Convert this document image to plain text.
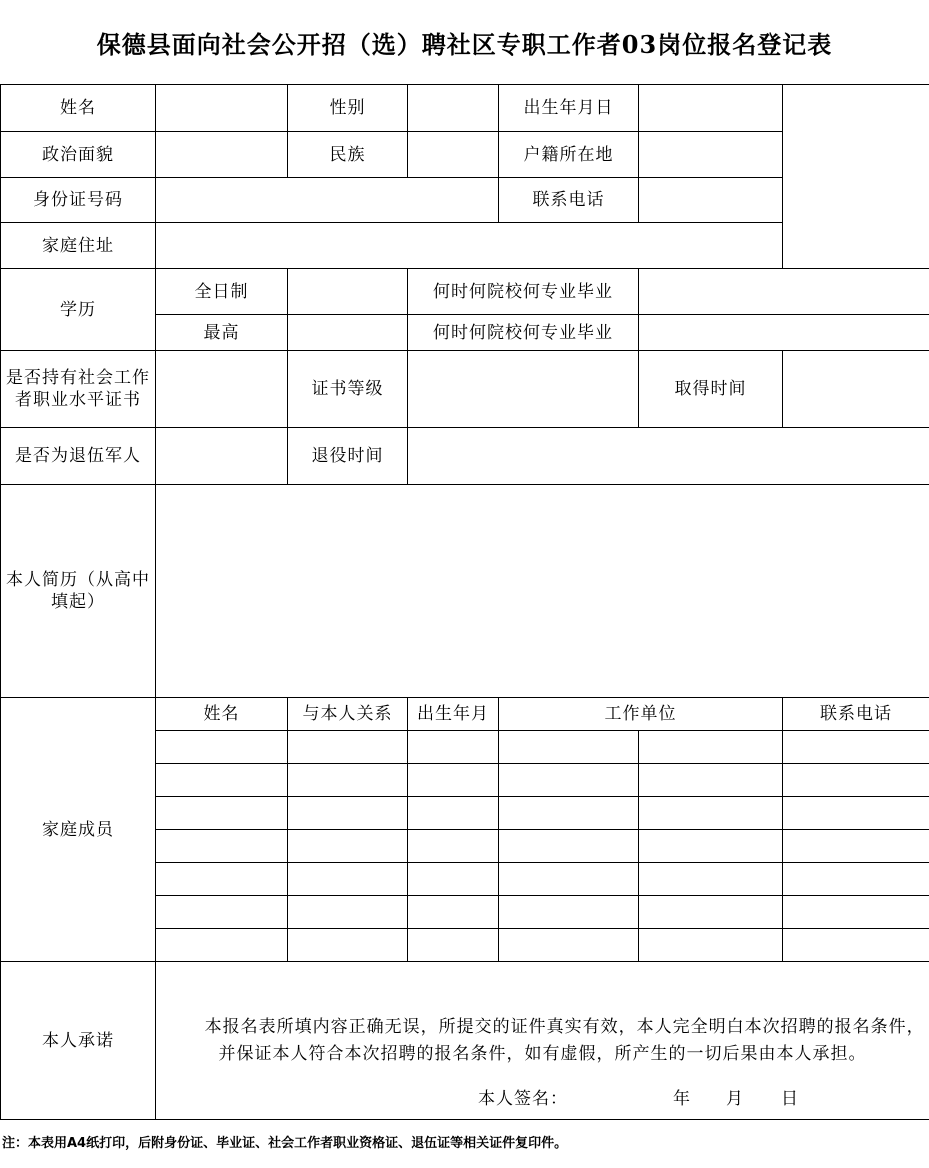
保德县面向社会公开招（选）聘社区专职工作者03岗位报名登记表
姓名		性别		出生年月日		
政治面貌		民族		户籍所在地		
身份证号码				联系电话		
家庭住址						
学历	全日制		何时何院校何专业毕业			
	最高		何时何院校何专业毕业			
是否持有社会工作者职业水平证书		证书等级			取得时间	
是否为退伍军人		退役时间				
本人简历（从高中填起）						
家庭成员	姓名	与本人关系	出生年月	工作单位		联系电话

本人承诺	本报名表所填内容正确无误，所提交的证件真实有效，本人完全明白本次招聘的报名条件，并保证本人符合本次招聘的报名条件，如有虚假，所产生的一切后果由本人承担。
本人签名： 年 月 日					
注：本表用A4纸打印，后附身份证、毕业证、社会工作者职业资格证、退伍证等相关证件复印件。
